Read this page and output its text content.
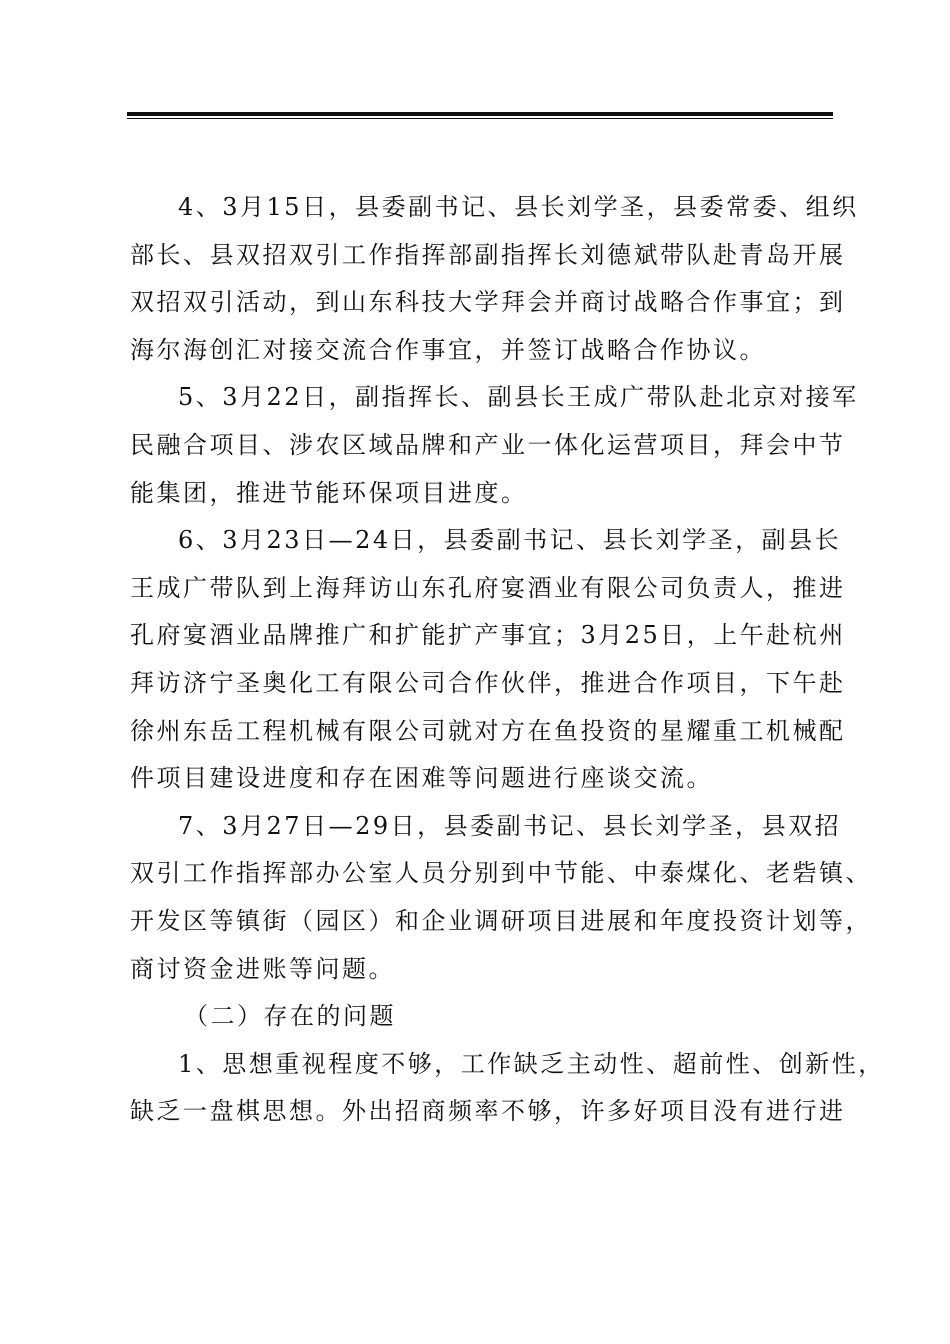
4、3月15日，县委副书记、县长刘学圣，县委常委、组织
部长、县双招双引工作指挥部副指挥长刘德斌带队赴青岛开展
双招双引活动，到山东科技大学拜会并商讨战略合作事宜；到
海尔海创汇对接交流合作事宜，并签订战略合作协议。
5、3月22日，副指挥长、副县长王成广带队赴北京对接军
民融合项目、涉农区域品牌和产业一体化运营项目，拜会中节
能集团，推进节能环保项目进度。
6、3月23日—24日，县委副书记、县长刘学圣，副县长
王成广带队到上海拜访山东孔府宴酒业有限公司负责人，推进
孔府宴酒业品牌推广和扩能扩产事宜；3月25日，上午赴杭州
拜访济宁圣奥化工有限公司合作伙伴，推进合作项目，下午赴
徐州东岳工程机械有限公司就对方在鱼投资的星耀重工机械配
件项目建设进度和存在困难等问题进行座谈交流。
7、3月27日—29日，县委副书记、县长刘学圣，县双招
双引工作指挥部办公室人员分别到中节能、中泰煤化、老砦镇、
开发区等镇街（园区）和企业调研项目进展和年度投资计划等，
商讨资金进账等问题。
（二）存在的问题
1、思想重视程度不够，工作缺乏主动性、超前性、创新性，
缺乏一盘棋思想。外出招商频率不够，许多好项目没有进行进
